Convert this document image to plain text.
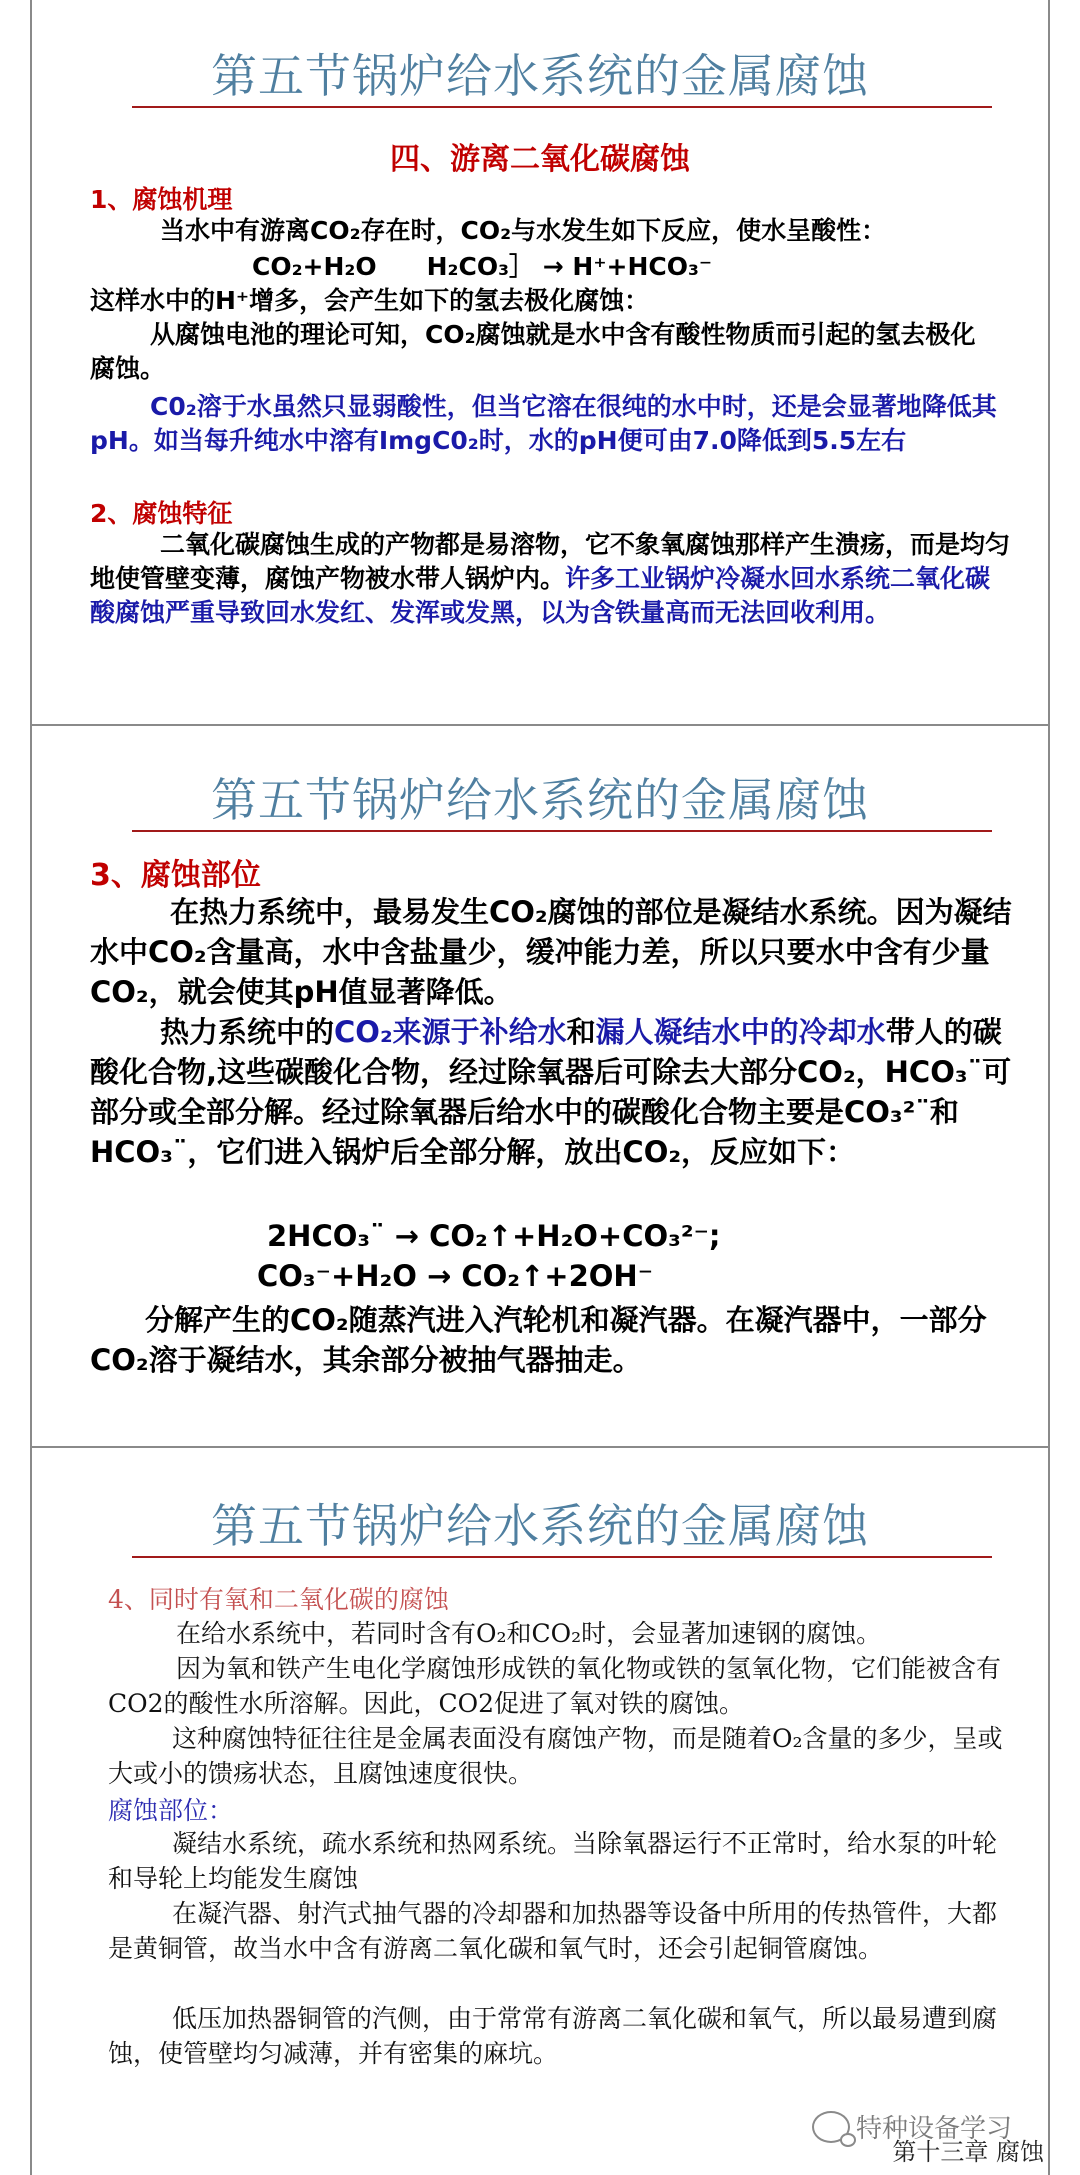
第五节锅炉给水系统的金属腐蚀
四、游离二氧化碳腐蚀
1、腐蚀机理

当水中有游离CO₂存在时，CO₂与水发生如下反应，使水呈酸性：

CO₂+H₂O　　H₂CO₃］ → H⁺+HCO₃⁻

这样水中的H⁺增多，会产生如下的氢去极化腐蚀：

从腐蚀电池的理论可知，CO₂腐蚀就是水中含有酸性物质而引起的氢去极化腐蚀。

C0₂溶于水虽然只显弱酸性，但当它溶在很纯的水中时，还是会显著地降低其pH。如当每升纯水中溶有ImgC0₂时，水的pH便可由7.0降低到5.5左右

2、腐蚀特征

二氧化碳腐蚀生成的产物都是易溶物，它不象氧腐蚀那样产生溃疡，而是均匀地使管壁变薄，腐蚀产物被水带人锅炉内。许多工业锅炉冷凝水回水系统二氧化碳酸腐蚀严重导致回水发红、发浑或发黑，以为含铁量高而无法回收利用。

第五节锅炉给水系统的金属腐蚀
3、腐蚀部位

在热力系统中，最易发生CO₂腐蚀的部位是凝结水系统。因为凝结水中CO₂含量高，水中含盐量少，缓冲能力差，所以只要水中含有少量CO₂，就会使其pH值显著降低。

热力系统中的CO₂来源于补给水和漏人凝结水中的冷却水带人的碳酸化合物,这些碳酸化合物，经过除氧器后可除去大部分CO₂，HCO₃¨可部分或全部分解。经过除氧器后给水中的碳酸化合物主要是CO₃²¨和HCO₃¨，它们进入锅炉后全部分解，放出CO₂，反应如下：

2HCO₃¨ → CO₂↑+H₂O+CO₃²⁻;

CO₃⁻+H₂O → CO₂↑+2OH⁻

分解产生的CO₂随蒸汽进入汽轮机和凝汽器。在凝汽器中，一部分CO₂溶于凝结水，其余部分被抽气器抽走。

第五节锅炉给水系统的金属腐蚀
4、同时有氧和二氧化碳的腐蚀

在给水系统中，若同时含有O₂和CO₂时，会显著加速钢的腐蚀。

因为氧和铁产生电化学腐蚀形成铁的氧化物或铁的氢氧化物，它们能被含有CO2的酸性水所溶解。因此，CO2促进了氧对铁的腐蚀。

这种腐蚀特征往往是金属表面没有腐蚀产物，而是随着O₂含量的多少，呈或大或小的馈疡状态，且腐蚀速度很快。

腐蚀部位：

凝结水系统，疏水系统和热网系统。当除氧器运行不正常时，给水泵的叶轮和导轮上均能发生腐蚀

在凝汽器、射汽式抽气器的冷却器和加热器等设备中所用的传热管件，大都是黄铜管，故当水中含有游离二氧化碳和氧气时，还会引起铜管腐蚀。

低压加热器铜管的汽侧，由于常常有游离二氧化碳和氧气，所以最易遭到腐蚀，使管壁均匀减薄，并有密集的麻坑。

第十三章 腐蚀
特种设备学习
